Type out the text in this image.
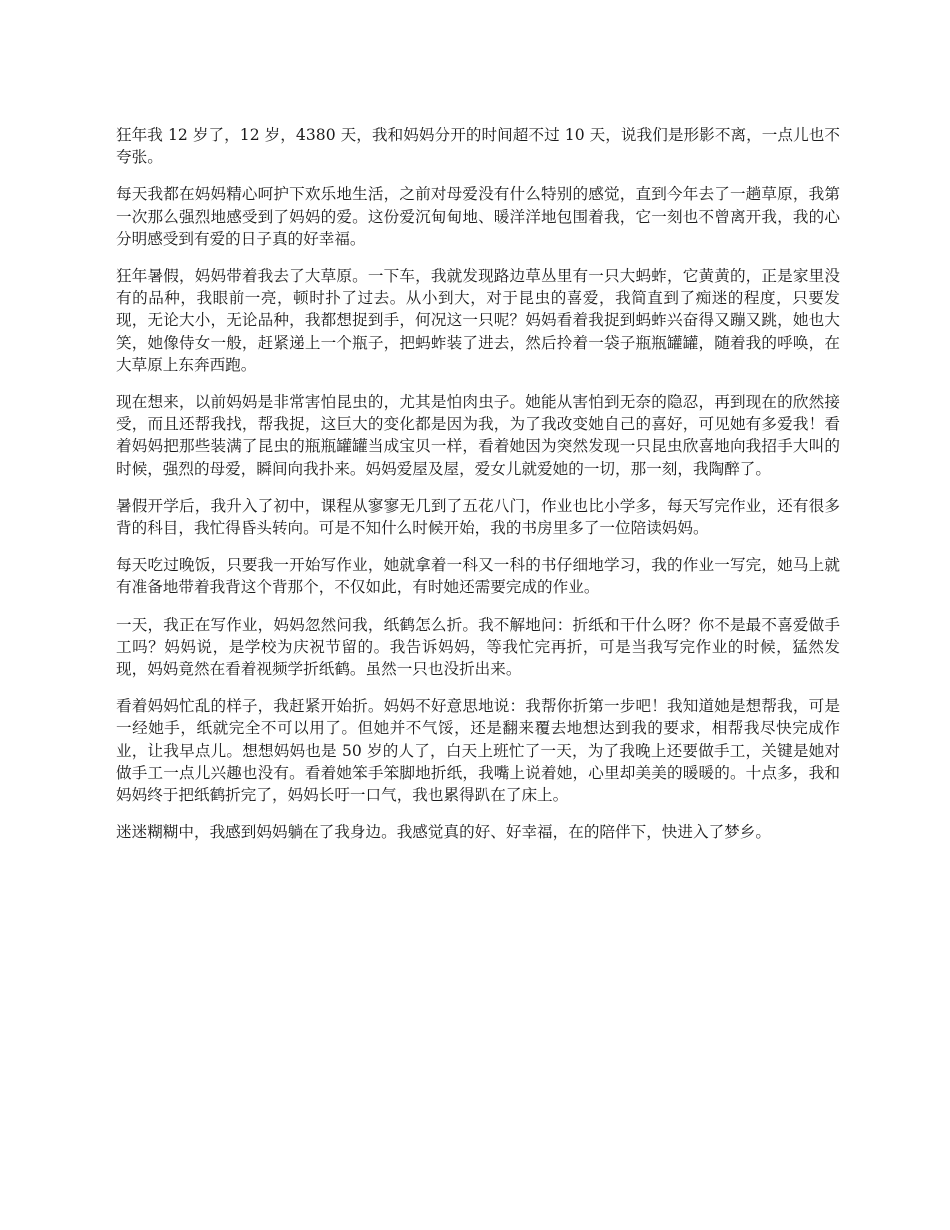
狂年我 12 岁了，12 岁，4380 天，我和妈妈分开的时间超不过 10 天，说我们是形影不离，一点儿也不夸张。

每天我都在妈妈精心呵护下欢乐地生活，之前对母爱没有什么特别的感觉，直到今年去了一趟草原，我第一次那么强烈地感受到了妈妈的爱。这份爱沉甸甸地、暖洋洋地包围着我，它一刻也不曾离开我，我的心分明感受到有爱的日子真的好幸福。

狂年暑假，妈妈带着我去了大草原。一下车，我就发现路边草丛里有一只大蚂蚱，它黄黄的，正是家里没有的品种，我眼前一亮，顿时扑了过去。从小到大，对于昆虫的喜爱，我简直到了痴迷的程度，只要发现，无论大小，无论品种，我都想捉到手，何况这一只呢？妈妈看着我捉到蚂蚱兴奋得又蹦又跳，她也大笑，她像侍女一般，赶紧递上一个瓶子，把蚂蚱装了进去，然后拎着一袋子瓶瓶罐罐，随着我的呼唤，在大草原上东奔西跑。

现在想来，以前妈妈是非常害怕昆虫的，尤其是怕肉虫子。她能从害怕到无奈的隐忍，再到现在的欣然接受，而且还帮我找，帮我捉，这巨大的变化都是因为我，为了我改变她自己的喜好，可见她有多爱我！看着妈妈把那些装满了昆虫的瓶瓶罐罐当成宝贝一样，看着她因为突然发现一只昆虫欣喜地向我招手大叫的时候，强烈的母爱，瞬间向我扑来。妈妈爱屋及屋，爱女儿就爱她的一切，那一刻，我陶醉了。

暑假开学后，我升入了初中，课程从寥寥无几到了五花八门，作业也比小学多，每天写完作业，还有很多背的科目，我忙得昏头转向。可是不知什么时候开始，我的书房里多了一位陪读妈妈。

每天吃过晚饭，只要我一开始写作业，她就拿着一科又一科的书仔细地学习，我的作业一写完，她马上就有准备地带着我背这个背那个，不仅如此，有时她还需要完成的作业。

一天，我正在写作业，妈妈忽然问我，纸鹤怎么折。我不解地问：折纸和干什么呀？你不是最不喜爱做手工吗？妈妈说，是学校为庆祝节留的。我告诉妈妈，等我忙完再折，可是当我写完作业的时候，猛然发现，妈妈竟然在看着视频学折纸鹤。虽然一只也没折出来。

看着妈妈忙乱的样子，我赶紧开始折。妈妈不好意思地说：我帮你折第一步吧！我知道她是想帮我，可是一经她手，纸就完全不可以用了。但她并不气馁，还是翻来覆去地想达到我的要求，相帮我尽快完成作业，让我早点儿。想想妈妈也是 50 岁的人了，白天上班忙了一天，为了我晚上还要做手工，关键是她对做手工一点儿兴趣也没有。看着她笨手笨脚地折纸，我嘴上说着她，心里却美美的暖暖的。十点多，我和妈妈终于把纸鹤折完了，妈妈长吁一口气，我也累得趴在了床上。

迷迷糊糊中，我感到妈妈躺在了我身边。我感觉真的好、好幸福，在的陪伴下，快进入了梦乡。
